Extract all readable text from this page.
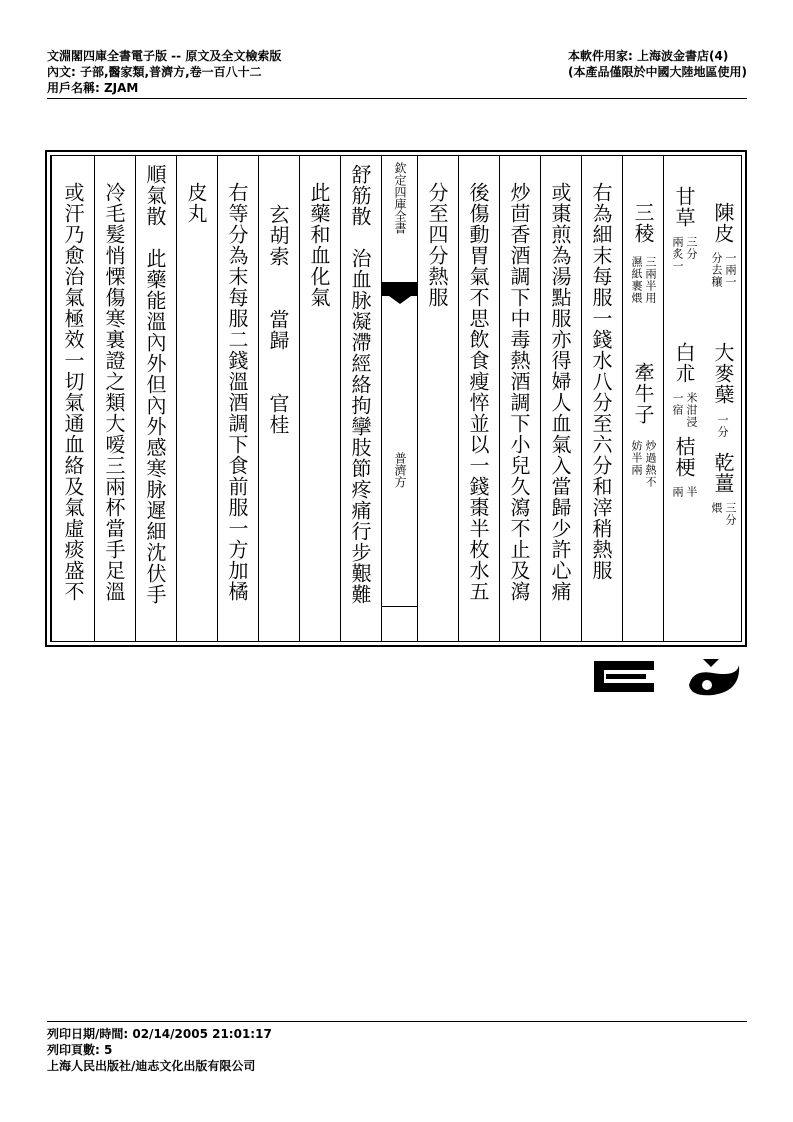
文淵閣四庫全書電子版 -- 原文及全文檢索版
內文: 子部,醫家類,普濟方,卷一百八十二
用戶名稱: ZJAM
本軟件用家: 上海波金書店(4)
(本產品僅限於中國大陸地區使用)
陳皮
一兩一
分去穰
大麥蘖
一分
乾薑
三分
煨
甘草
三分
兩炙一
白朮
米泔浸
一宿
桔梗
半
兩
三稜
三兩半用
濕紙裹煨
牽牛子
炒過熱不
妨半兩
右為細末每服一錢水八分至六分和滓稍熱服
或棗煎為湯點服亦得婦人血氣入當歸少許心痛
炒茴香酒調下中毒熱酒調下小兒久瀉不止及瀉
後傷動胃氣不思飲食瘦悴並以一錢棗半枚水五
分至四分熱服
欽定四庫全書
普濟方
舒筋散　治血脉凝滯經絡拘攣肢節疼痛行步艱難
此藥和血化氣
玄胡索　　當歸　　官桂
右等分為末每服二錢溫酒調下食前服一方加橘
皮丸
順氣散　此藥能溫內外但內外感寒脉遲細沈伏手
冷毛髮悄慄傷寒裏證之類大嗳三兩杯當手足溫
或汗乃愈治氣極效一切氣通血絡及氣虛痰盛不
列印日期/時間: 02/14/2005 21:01:17
列印頁數: 5
上海人民出版社/迪志文化出版有限公司
